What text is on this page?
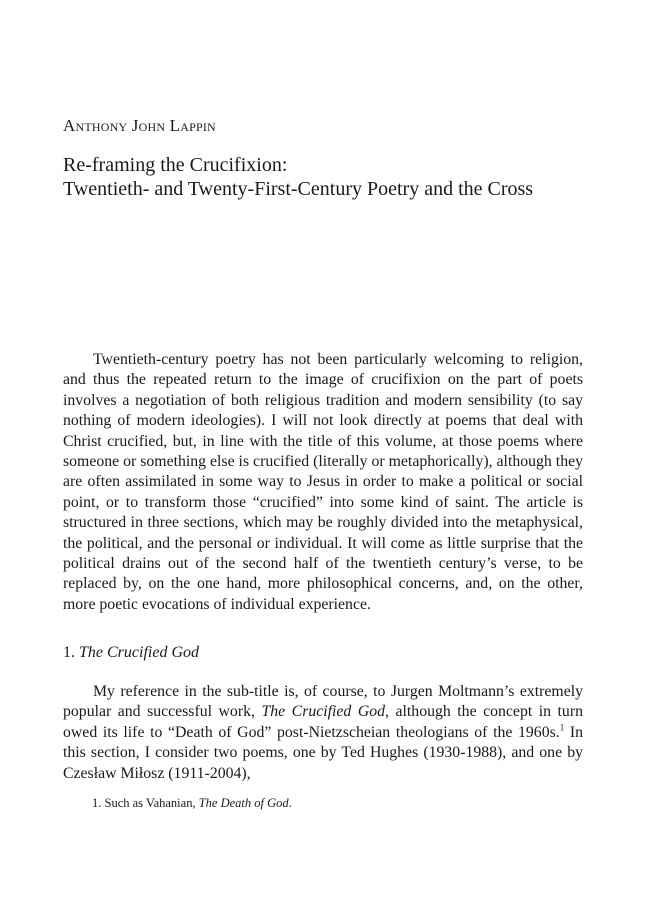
Anthony John Lappin
Re-framing the Crucifixion:
Twentieth- and Twenty-First-Century Poetry and the Cross

Twentieth-century poetry has not been particularly welcoming to religion, and thus the repeated return to the image of crucifixion on the part of poets involves a negotiation of both religious tradition and modern sensibility (to say nothing of modern ideologies). I will not look directly at poems that deal with Christ crucified, but, in line with the title of this volume, at those poems where someone or something else is crucified (literally or metaphorically), although they are often assimilated in some way to Jesus in order to make a political or social point, or to transform those “crucified” into some kind of saint. The article is structured in three sections, which may be roughly divided into the metaphysical, the political, and the personal or individual. It will come as little surprise that the political drains out of the second half of the twentieth century’s verse, to be replaced by, on the one hand, more philosophical concerns, and, on the other, more poetic evocations of individual experience.

1. The Crucified God

My reference in the sub-title is, of course, to Jurgen Moltmann’s extremely popular and successful work, The Crucified God, although the concept in turn owed its life to “Death of God” post-Nietzscheian theologians of the 1960s.$^1$ In this section, I consider two poems, one by Ted Hughes (1930-1988), and one by Czesław Miłosz (1911-2004),

1. Such as Vahanian, The Death of God.
